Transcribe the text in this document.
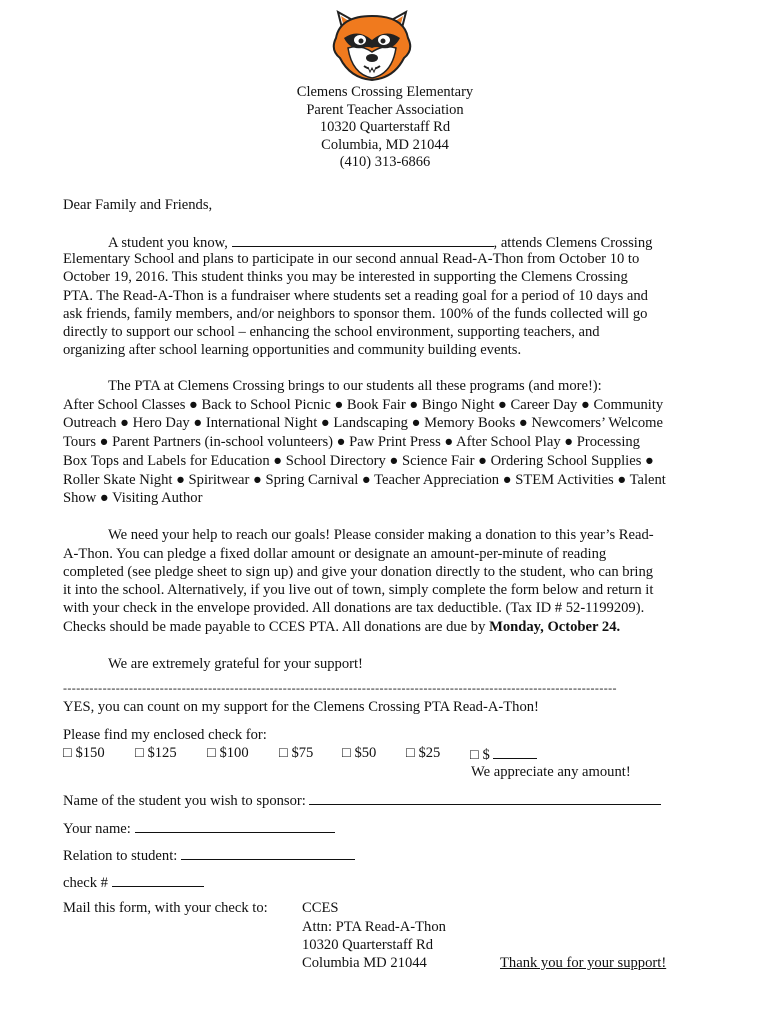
Clemens Crossing Elementary
Parent Teacher Association
10320 Quarterstaff Rd
Columbia, MD 21044
(410) 313-6866
Dear Family and Friends,
A student you know,	, attends Clemens Crossing
Elementary School and plans to participate in our second annual Read-A-Thon from October 10 to
October 19, 2016. This student thinks you may be interested in supporting the Clemens Crossing
PTA. The Read-A-Thon is a fundraiser where students set a reading goal for a period of 10 days and
ask friends, family members, and/or neighbors to sponsor them. 100% of the funds collected will go
directly to support our school – enhancing the school environment, supporting teachers, and
organizing after school learning opportunities and community building events.
The PTA at Clemens Crossing brings to our students all these programs (and more!):
After School Classes ● Back to School Picnic ● Book Fair ● Bingo Night ● Career Day ● Community
Outreach ● Hero Day ● International Night ● Landscaping ● Memory Books ● Newcomers’ Welcome
Tours ● Parent Partners (in-school volunteers) ● Paw Print Press ● After School Play ● Processing
Box Tops and Labels for Education ● School Directory ● Science Fair ● Ordering School Supplies ●
Roller Skate Night ● Spiritwear ● Spring Carnival ● Teacher Appreciation ● STEM Activities ● Talent
Show ● Visiting Author
We need your help to reach our goals! Please consider making a donation to this year’s Read-
A-Thon. You can pledge a fixed dollar amount or designate an amount-per-minute of reading
completed (see pledge sheet to sign up) and give your donation directly to the student, who can bring
it into the school. Alternatively, if you live out of town, simply complete the form below and return it
with your check in the envelope provided. All donations are tax deductible. (Tax ID # 52-1199209).
Checks should be made payable to CCES PTA. All donations are due by Monday, October 24.
We are extremely grateful for your support!
------------------------------------------------------------------------------------------------------------------------------
YES, you can count on my support for the Clemens Crossing PTA Read-A-Thon!
Please find my enclosed check for:
□ $150 □ $125 □ $100 □ $75 □ $50 □ $25 □ $
We appreciate any amount!
Name of the student you wish to sponsor:
Your name:
Relation to student:
check #
Mail this form, with your check to: CCES
Attn: PTA Read-A-Thon
10320 Quarterstaff Rd
Columbia MD 21044	Thank you for your support!
